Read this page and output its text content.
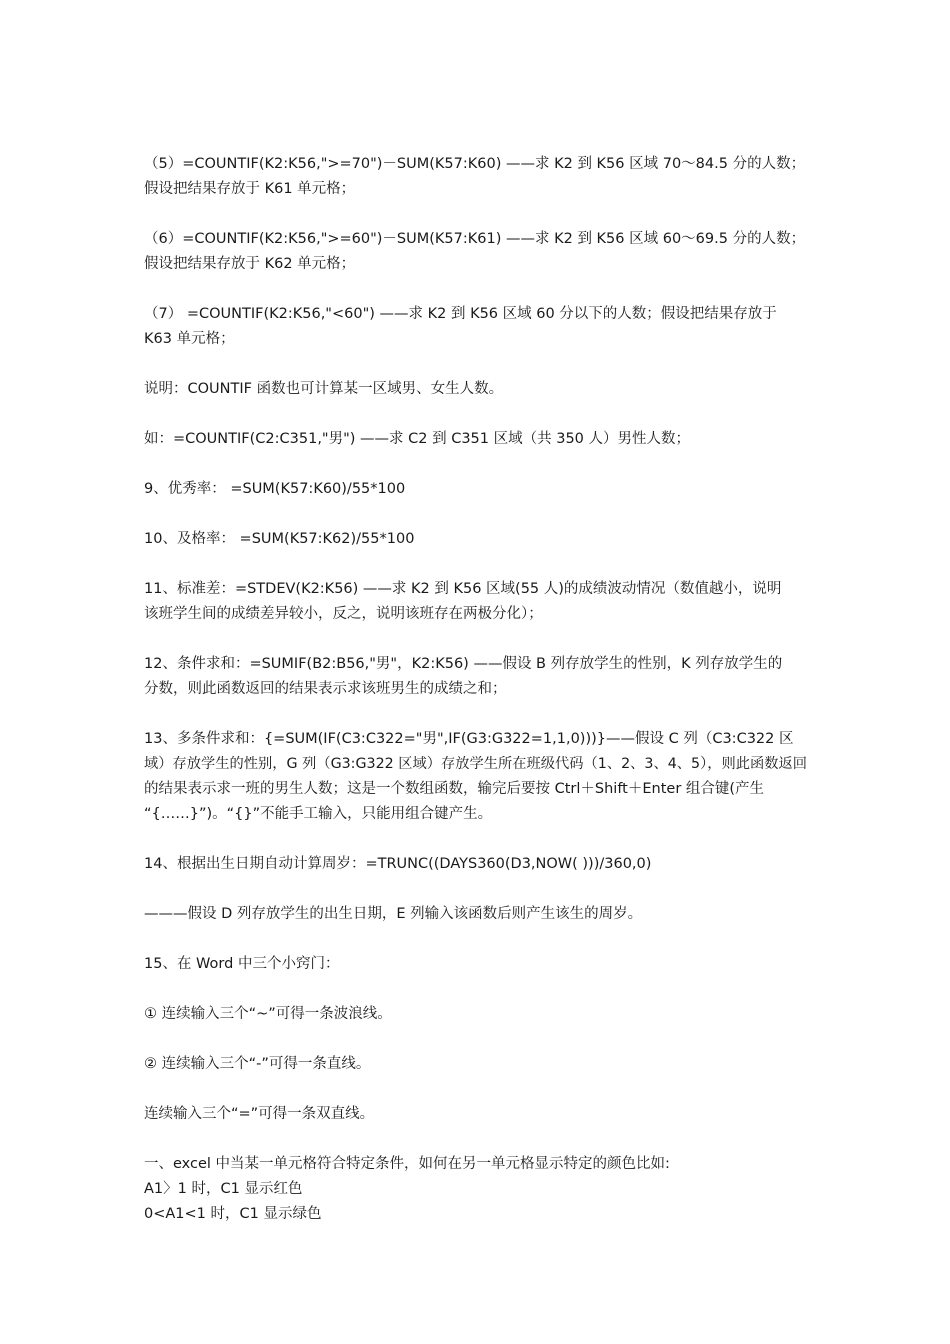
（5）=COUNTIF(K2:K56,">=70")－SUM(K57:K60) ——求 K2 到 K56 区域 70～84.5 分的人数；
假设把结果存放于 K61 单元格；
（6）=COUNTIF(K2:K56,">=60")－SUM(K57:K61) ——求 K2 到 K56 区域 60～69.5 分的人数；
假设把结果存放于 K62 单元格；
（7） =COUNTIF(K2:K56,"<60") ——求 K2 到 K56 区域 60 分以下的人数；假设把结果存放于
K63 单元格；
说明：COUNTIF 函数也可计算某一区域男、女生人数。
如：=COUNTIF(C2:C351,"男") ——求 C2 到 C351 区域（共 350 人）男性人数；
9、优秀率： =SUM(K57:K60)/55*100
10、及格率： =SUM(K57:K62)/55*100
11、标准差：=STDEV(K2:K56) ——求 K2 到 K56 区域(55 人)的成绩波动情况（数值越小，说明
该班学生间的成绩差异较小，反之，说明该班存在两极分化）；
12、条件求和：=SUMIF(B2:B56,"男"，K2:K56) ——假设 B 列存放学生的性别，K 列存放学生的
分数，则此函数返回的结果表示求该班男生的成绩之和；
13、多条件求和：{=SUM(IF(C3:C322="男",IF(G3:G322=1,1,0)))}——假设 C 列（C3:C322 区
域）存放学生的性别，G 列（G3:G322 区域）存放学生所在班级代码（1、2、3、4、5），则此函数返回
的结果表示求一班的男生人数；这是一个数组函数，输完后要按 Ctrl＋Shift＋Enter 组合键(产生
“{……}”)。“{}”不能手工输入，只能用组合键产生。
14、根据出生日期自动计算周岁：=TRUNC((DAYS360(D3,NOW( )))/360,0)
———假设 D 列存放学生的出生日期，E 列输入该函数后则产生该生的周岁。
15、在 Word 中三个小窍门：
① 连续输入三个“~”可得一条波浪线。
② 连续输入三个“-”可得一条直线。
连续输入三个“=”可得一条双直线。
一、excel 中当某一单元格符合特定条件，如何在另一单元格显示特定的颜色比如:
A1〉1 时，C1 显示红色
0<A1<1 时，C1 显示绿色
